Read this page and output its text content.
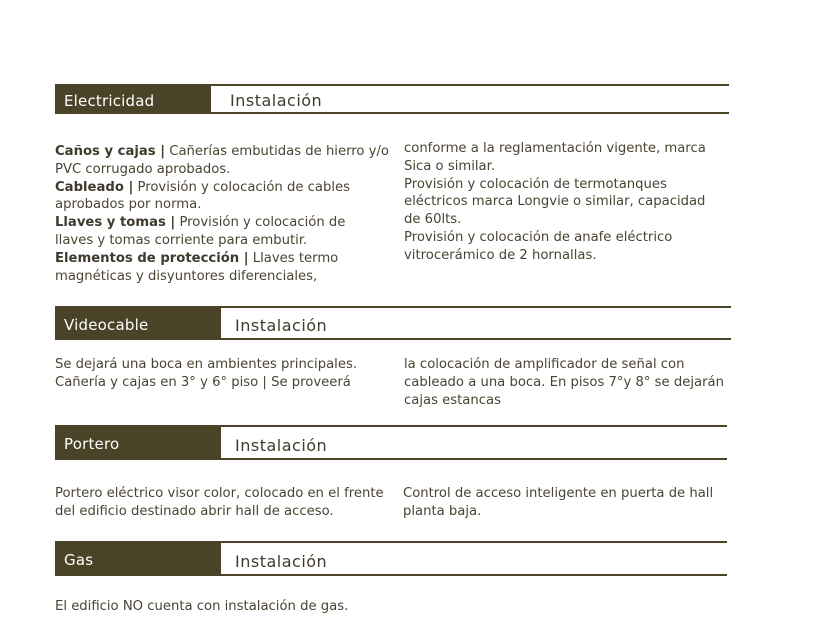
Electricidad	Instalación
Caños y cajas | Cañerías embutidas de hierro y/o
PVC corrugado aprobados.
Cableado | Provisión y colocación de cables
aprobados por norma.
Llaves y tomas | Provisión y colocación de
llaves y tomas corriente para embutir.
Elementos de protección | Llaves termo
magnéticas y disyuntores diferenciales,
conforme a la reglamentación vigente, marca
Sica o similar.
Provisión y colocación de termotanques
eléctricos marca Longvie o similar, capacidad
de 60lts.
Provisión y colocación de anafe eléctrico
vitrocerámico de 2 hornallas.
Videocable	Instalación
Se dejará una boca en ambientes principales.
Cañería y cajas en 3° y 6° piso | Se proveerá
la colocación de amplificador de señal con
cableado a una boca. En pisos 7°y 8° se dejarán
cajas estancas
Portero	Instalación
Portero eléctrico visor color, colocado en el frente
del edificio destinado abrir hall de acceso.
Control de acceso inteligente en puerta de hall
planta baja.
Gas	Instalación
El edificio NO cuenta con instalación de gas.
